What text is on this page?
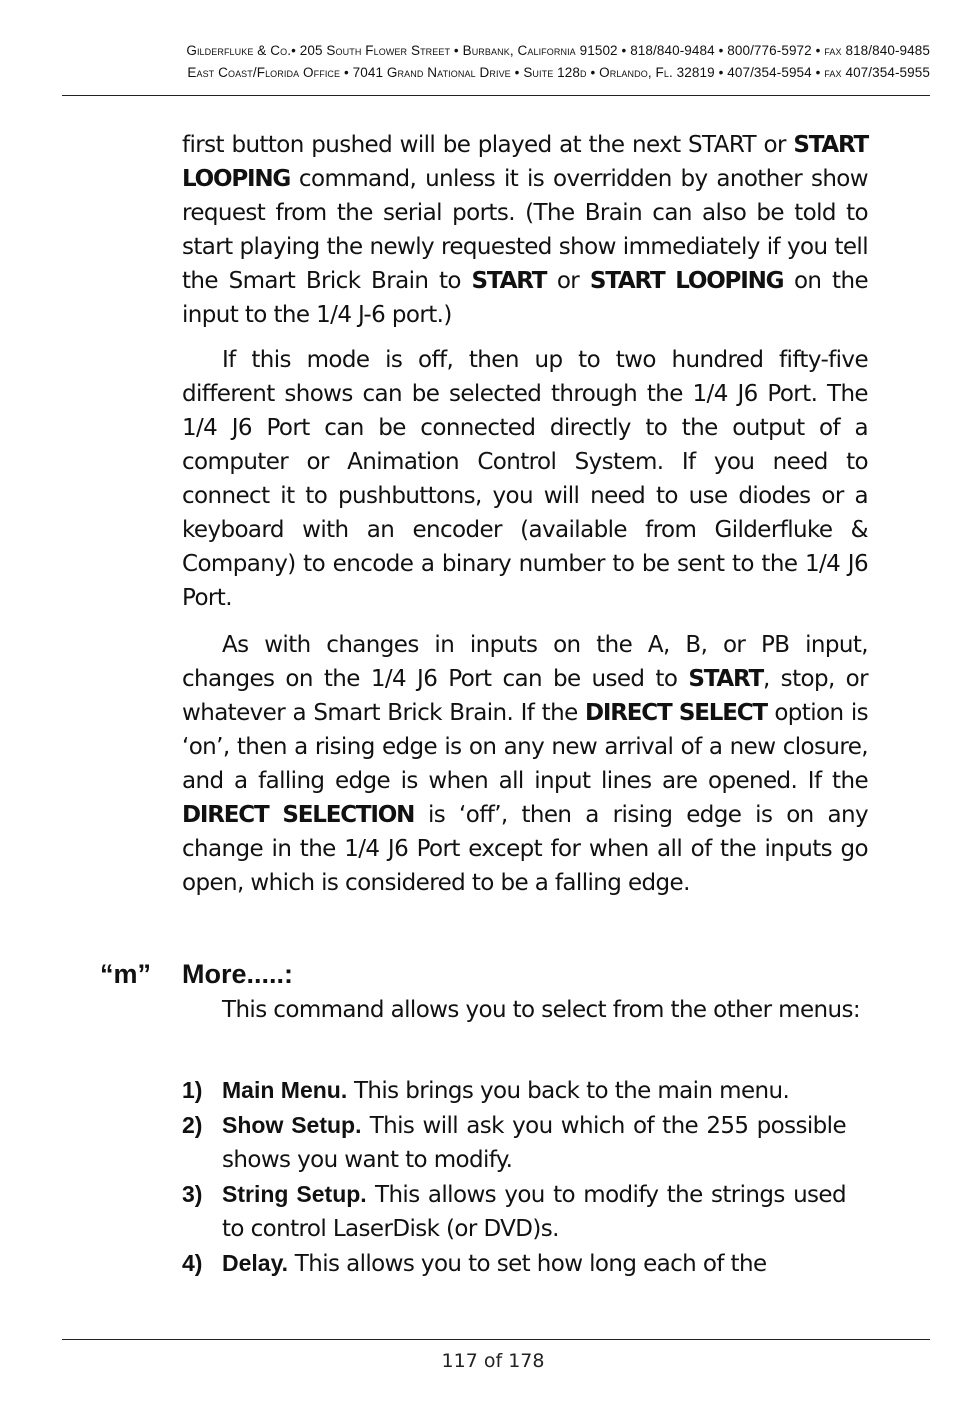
Gilderfluke & Co.• 205 South Flower Street • Burbank, California 91502 • 818/840-9484 • 800/776-5972 • fax 818/840-9485
East Coast/Florida Office • 7041 Grand National Drive • Suite 128d • Orlando, Fl. 32819 • 407/354-5954 • fax 407/354-5955

first button pushed will be played at the next START or START LOOPING command, unless it is overridden by another show request from the serial ports. (The Brain can also be told to start playing the newly requested show immediately if you tell the Smart Brick Brain to START or START LOOPING on the input to the 1/4 J-6 port.)

If this mode is off, then up to two hundred fifty-five different shows can be selected through the 1/4 J6 Port. The 1/4 J6 Port can be connected directly to the output of a computer or Animation Control System. If you need to connect it to pushbuttons, you will need to use diodes or a keyboard with an encoder (available from Gilderfluke & Company) to encode a binary number to be sent to the 1/4 J6 Port.

As with changes in inputs on the A, B, or PB input, changes on the 1/4 J6 Port can be used to START, stop, or whatever a Smart Brick Brain. If the DIRECT SELECT option is ‘on’, then a rising edge is on any new arrival of a new closure, and a falling edge is when all input lines are opened. If the DIRECT SELECTION is ‘off’, then a rising edge is on any change in the 1/4 J6 Port except for when all of the inputs go open, which is considered to be a falling edge.

“m” More.....:

This command allows you to select from the other menus:

1) Main Menu. This brings you back to the main menu.
2) Show Setup. This will ask you which of the 255 possible shows you want to modify.
3) String Setup. This allows you to modify the strings used to control LaserDisk (or DVD)s.
4) Delay. This allows you to set how long each of the
117 of 178
